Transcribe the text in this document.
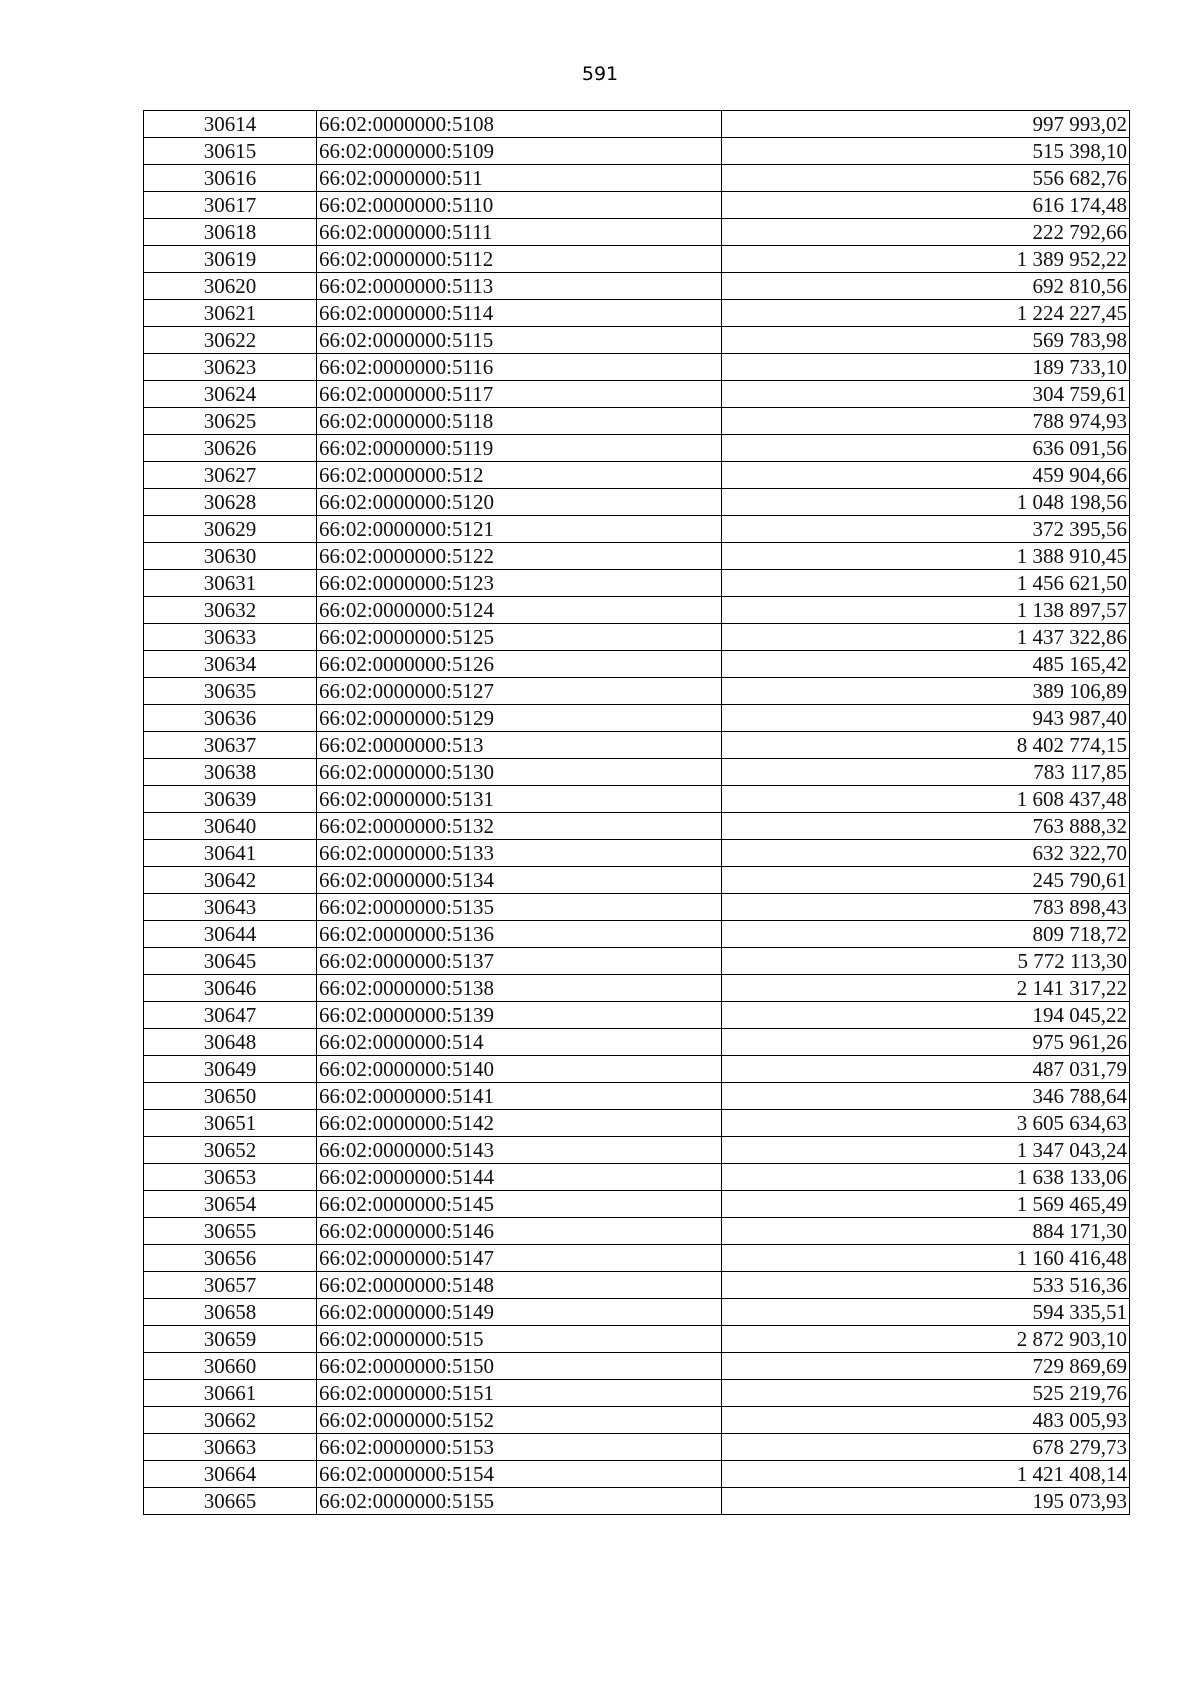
591
30614	66:02:0000000:5108	997 993,02
30615	66:02:0000000:5109	515 398,10
30616	66:02:0000000:511	556 682,76
30617	66:02:0000000:5110	616 174,48
30618	66:02:0000000:5111	222 792,66
30619	66:02:0000000:5112	1 389 952,22
30620	66:02:0000000:5113	692 810,56
30621	66:02:0000000:5114	1 224 227,45
30622	66:02:0000000:5115	569 783,98
30623	66:02:0000000:5116	189 733,10
30624	66:02:0000000:5117	304 759,61
30625	66:02:0000000:5118	788 974,93
30626	66:02:0000000:5119	636 091,56
30627	66:02:0000000:512	459 904,66
30628	66:02:0000000:5120	1 048 198,56
30629	66:02:0000000:5121	372 395,56
30630	66:02:0000000:5122	1 388 910,45
30631	66:02:0000000:5123	1 456 621,50
30632	66:02:0000000:5124	1 138 897,57
30633	66:02:0000000:5125	1 437 322,86
30634	66:02:0000000:5126	485 165,42
30635	66:02:0000000:5127	389 106,89
30636	66:02:0000000:5129	943 987,40
30637	66:02:0000000:513	8 402 774,15
30638	66:02:0000000:5130	783 117,85
30639	66:02:0000000:5131	1 608 437,48
30640	66:02:0000000:5132	763 888,32
30641	66:02:0000000:5133	632 322,70
30642	66:02:0000000:5134	245 790,61
30643	66:02:0000000:5135	783 898,43
30644	66:02:0000000:5136	809 718,72
30645	66:02:0000000:5137	5 772 113,30
30646	66:02:0000000:5138	2 141 317,22
30647	66:02:0000000:5139	194 045,22
30648	66:02:0000000:514	975 961,26
30649	66:02:0000000:5140	487 031,79
30650	66:02:0000000:5141	346 788,64
30651	66:02:0000000:5142	3 605 634,63
30652	66:02:0000000:5143	1 347 043,24
30653	66:02:0000000:5144	1 638 133,06
30654	66:02:0000000:5145	1 569 465,49
30655	66:02:0000000:5146	884 171,30
30656	66:02:0000000:5147	1 160 416,48
30657	66:02:0000000:5148	533 516,36
30658	66:02:0000000:5149	594 335,51
30659	66:02:0000000:515	2 872 903,10
30660	66:02:0000000:5150	729 869,69
30661	66:02:0000000:5151	525 219,76
30662	66:02:0000000:5152	483 005,93
30663	66:02:0000000:5153	678 279,73
30664	66:02:0000000:5154	1 421 408,14
30665	66:02:0000000:5155	195 073,93
